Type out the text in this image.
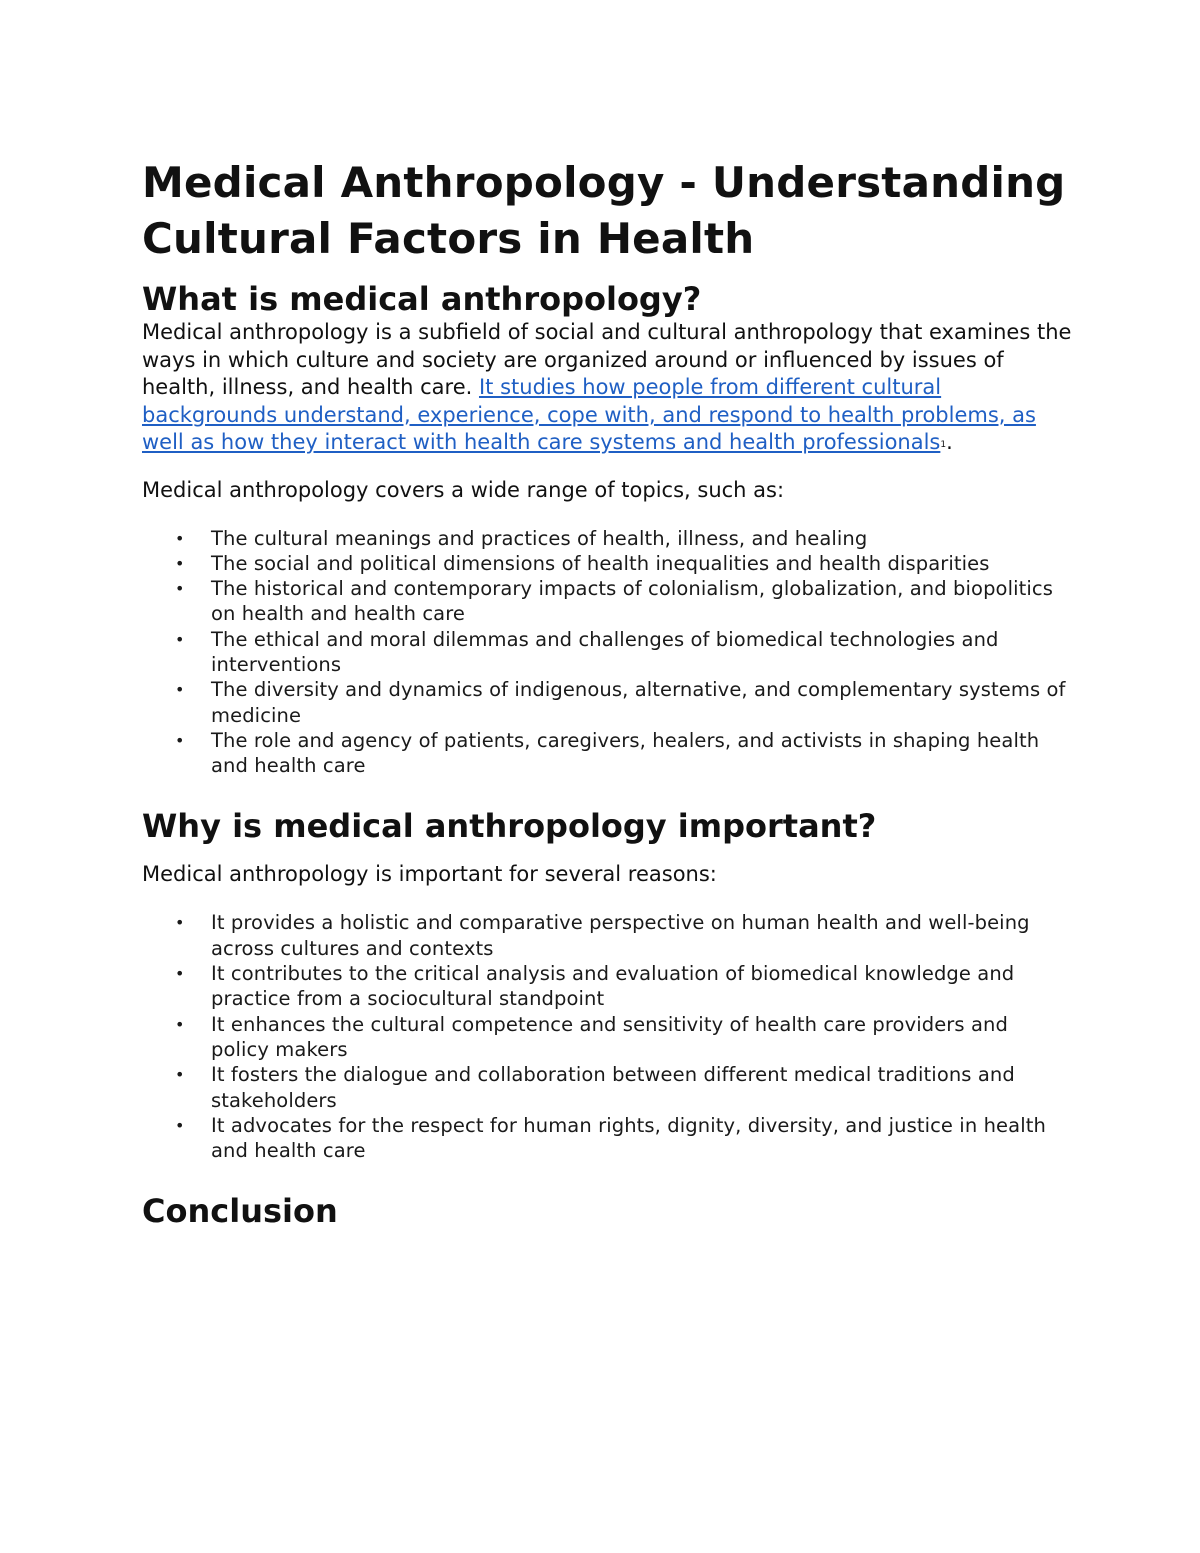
Medical Anthropology - Understanding Cultural Factors in Health
What is medical anthropology?

Medical anthropology is a subfield of social and cultural anthropology that examines the ways in which culture and society are organized around or influenced by issues of health, illness, and health care. It studies how people from different cultural backgrounds understand, experience, cope with, and respond to health problems, as well as how they interact with health care systems and health professionals$^1$.

Medical anthropology covers a wide range of topics, such as:

• The cultural meanings and practices of health, illness, and healing
• The social and political dimensions of health inequalities and health disparities
• The historical and contemporary impacts of colonialism, globalization, and biopolitics on health and health care
• The ethical and moral dilemmas and challenges of biomedical technologies and interventions
• The diversity and dynamics of indigenous, alternative, and complementary systems of medicine
• The role and agency of patients, caregivers, healers, and activists in shaping health and health care
Why is medical anthropology important?

Medical anthropology is important for several reasons:

• It provides a holistic and comparative perspective on human health and well-being across cultures and contexts
• It contributes to the critical analysis and evaluation of biomedical knowledge and practice from a sociocultural standpoint
• It enhances the cultural competence and sensitivity of health care providers and policy makers
• It fosters the dialogue and collaboration between different medical traditions and stakeholders
• It advocates for the respect for human rights, dignity, diversity, and justice in health and health care
Conclusion
